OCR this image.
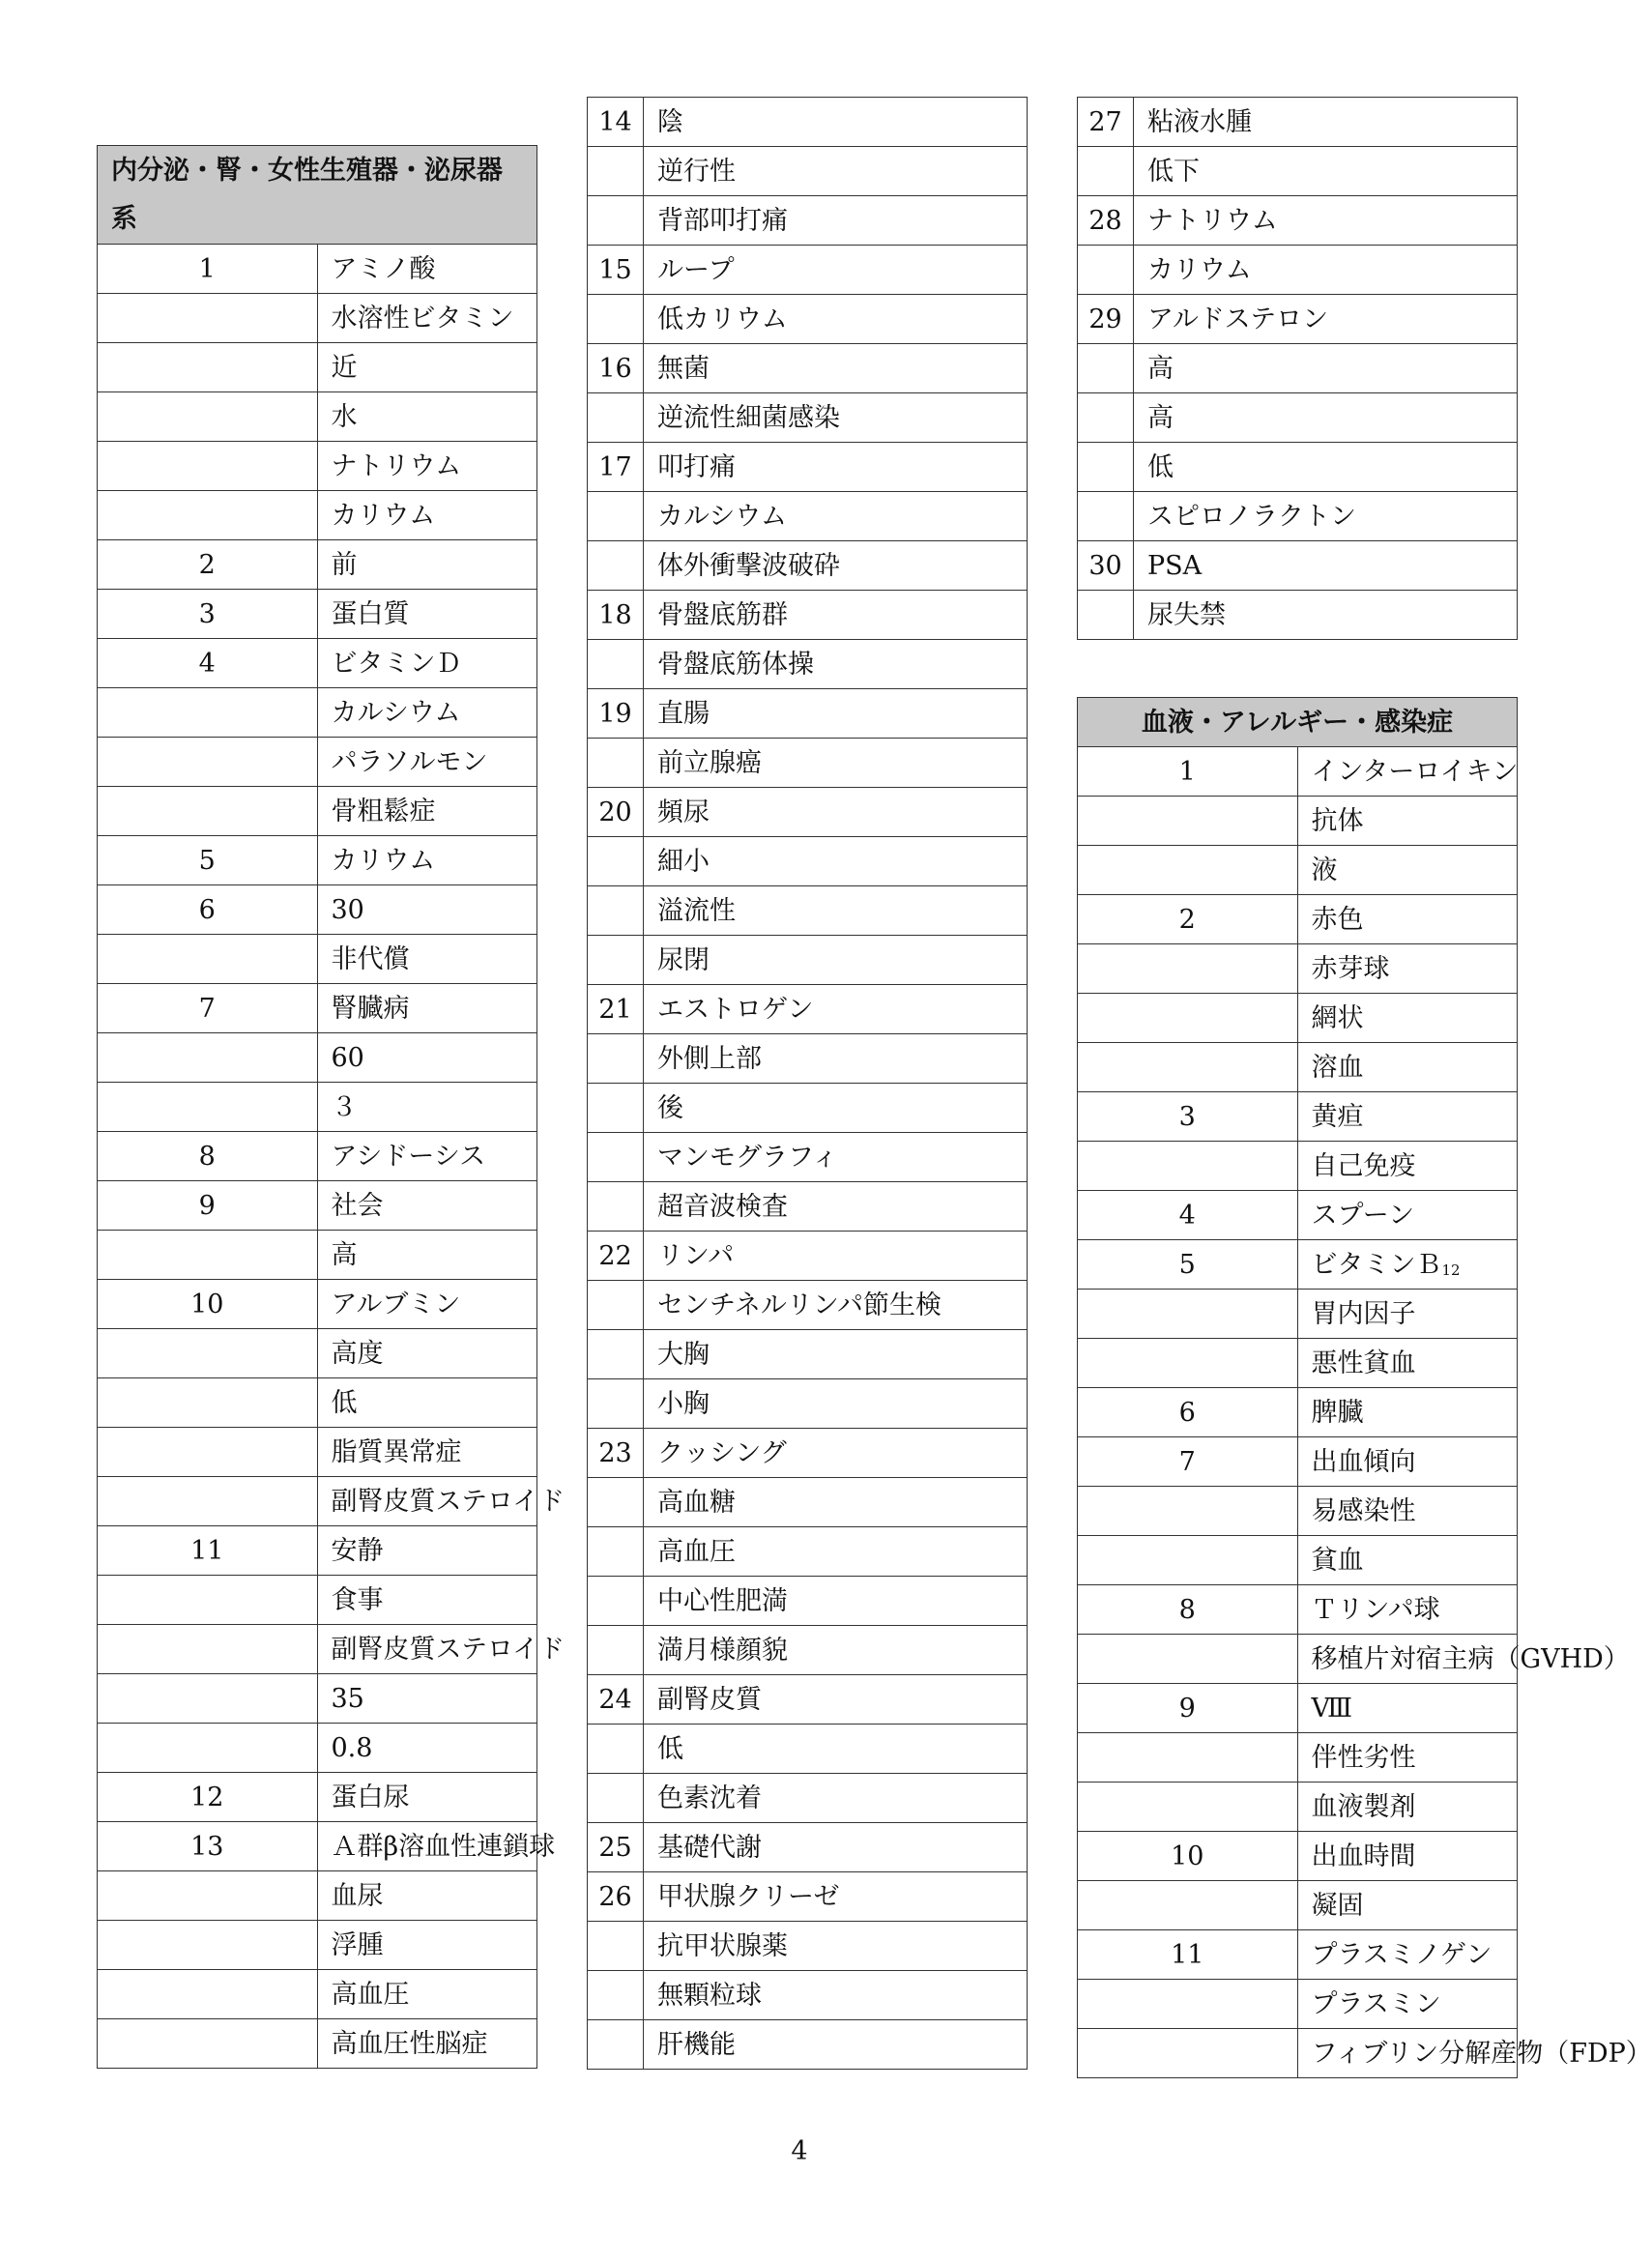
内分泌・腎・女性生殖器・泌尿器系	
1	アミノ酸
	水溶性ビタミン
	近
	水
	ナトリウム
	カリウム
2	前
3	蛋白質
4	ビタミンＤ
	カルシウム
	パラソルモン
	骨粗鬆症
5	カリウム
6	30
	非代償
7	腎臓病
	60
	３
8	アシドーシス
9	社会
	高
10	アルブミン
	高度
	低
	脂質異常症
	副腎皮質ステロイド
11	安静
	食事
	副腎皮質ステロイド
	35
	0.8
12	蛋白尿
13	Ａ群β溶血性連鎖球
	血尿
	浮腫
	高血圧
	高血圧性脳症
14	陰
	逆行性
	背部叩打痛
15	ループ
	低カリウム
16	無菌
	逆流性細菌感染
17	叩打痛
	カルシウム
	体外衝撃波破砕
18	骨盤底筋群
	骨盤底筋体操
19	直腸
	前立腺癌
20	頻尿
	細小
	溢流性
	尿閉
21	エストロゲン
	外側上部
	後
	マンモグラフィ
	超音波検査
22	リンパ
	センチネルリンパ節生検
	大胸
	小胸
23	クッシング
	高血糖
	高血圧
	中心性肥満
	満月様顔貌
24	副腎皮質
	低
	色素沈着
25	基礎代謝
26	甲状腺クリーゼ
	抗甲状腺薬
	無顆粒球
	肝機能
27	粘液水腫
	低下
28	ナトリウム
	カリウム
29	アルドステロン
	高
	高
	低
	スピロノラクトン
30	PSA
	尿失禁
血液・アレルギー・感染症	
1	インターロイキン
	抗体
	液
2	赤色
	赤芽球
	網状
	溶血
3	黄疸
	自己免疫
4	スプーン
5	ビタミンＢ$_{12}$
	胃内因子
	悪性貧血
6	脾臓
7	出血傾向
	易感染性
	貧血
8	Ｔリンパ球
	移植片対宿主病（GVHD）
9	Ⅷ
	伴性劣性
	血液製剤
10	出血時間
	凝固
11	プラスミノゲン
	プラスミン
	フィブリン分解産物（FDP）
4
